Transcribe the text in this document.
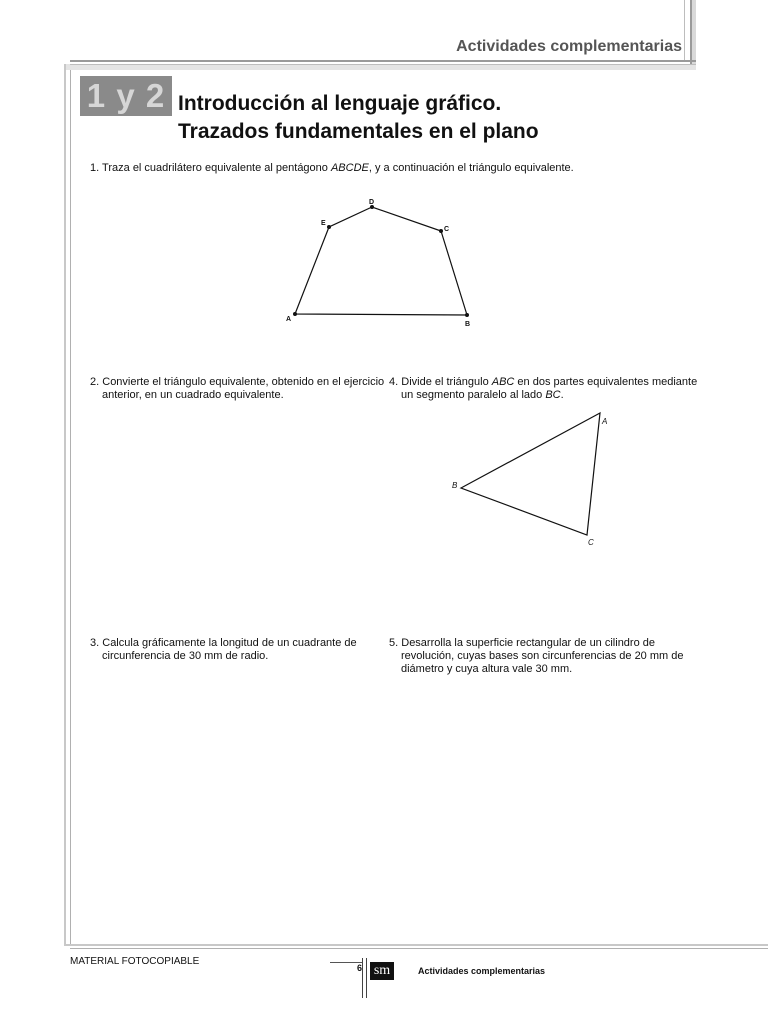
Actividades complementarias
1 y 2 Introducción al lenguaje gráfico.
Trazados fundamentales en el plano
1. Traza el cuadrilátero equivalente al pentágono ABCDE, y a continuación el triángulo equivalente.
2. Convierte el triángulo equivalente, obtenido en el ejercicio anterior, en un cuadrado equivalente.
4. Divide el triángulo ABC en dos partes equivalentes mediante un segmento paralelo al lado BC.
3. Calcula gráficamente la longitud de un cuadrante de circunferencia de 30 mm de radio.
5. Desarrolla la superficie rectangular de un cilindro de revolución, cuyas bases son circunferencias de 20 mm de diámetro y cuya altura vale 30 mm.
A
B
C
D
E
A
B
C
MATERIAL FOTOCOPIABLE
6 sm	Actividades complementarias
